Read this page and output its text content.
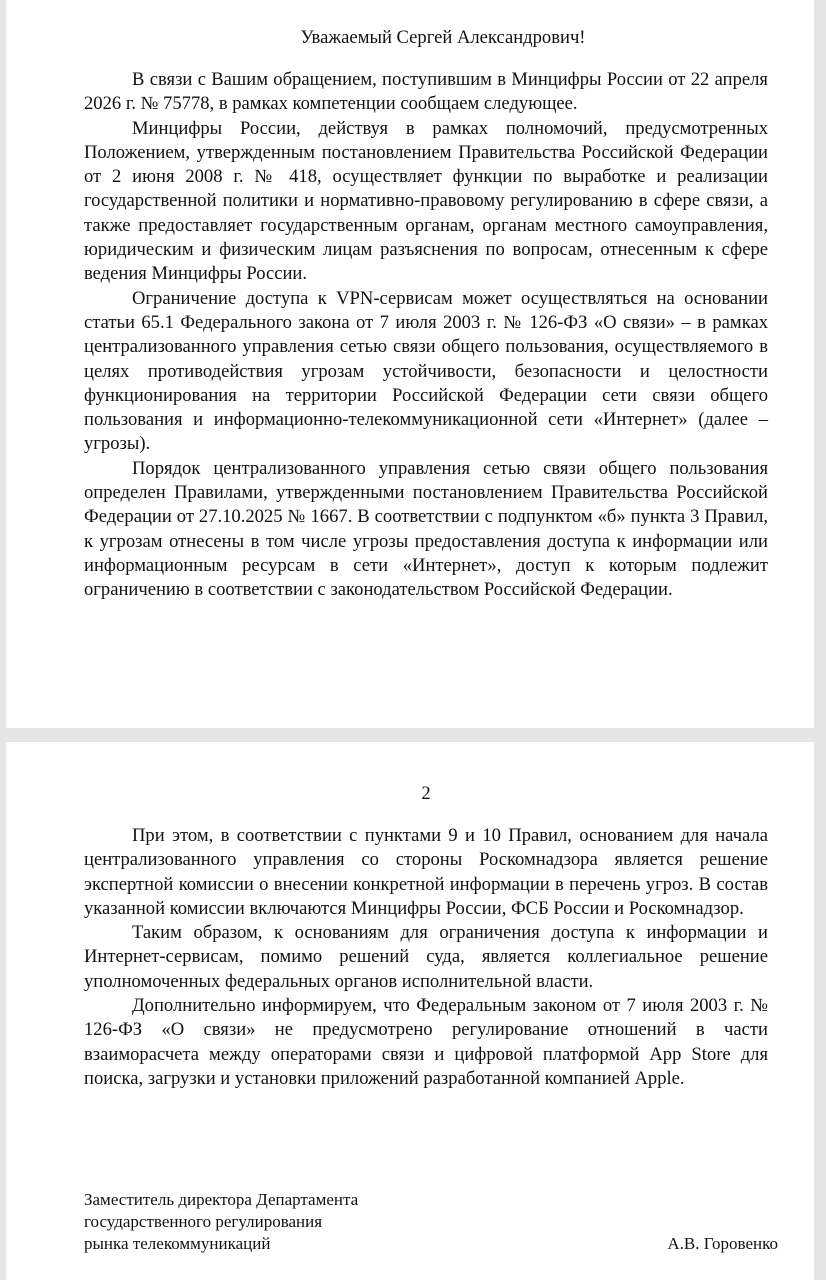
Уважаемый Сергей Александрович!

В связи с Вашим обращением, поступившим в Минцифры России от 22 апреля 2026 г. № 75778, в рамках компетенции сообщаем следующее.

Минцифры России, действуя в рамках полномочий, предусмотренных Положением, утвержденным постановлением Правительства Российской Федерации от 2 июня 2008 г. № 418, осуществляет функции по выработке и реализации государственной политики и нормативно-правовому регулированию в сфере связи, а также предоставляет государственным органам, органам местного самоуправления, юридическим и физическим лицам разъяснения по вопросам, отнесенным к сфере ведения Минцифры России.

Ограничение доступа к VPN-сервисам может осуществляться на основании статьи 65.1 Федерального закона от 7 июля 2003 г. № 126-ФЗ «О связи» – в рамках централизованного управления сетью связи общего пользования, осуществляемого в целях противодействия угрозам устойчивости, безопасности и целостности функционирования на территории Российской Федерации сети связи общего пользования и информационно-телекоммуникационной сети «Интернет» (далее – угрозы).

Порядок централизованного управления сетью связи общего пользования определен Правилами, утвержденными постановлением Правительства Российской Федерации от 27.10.2025 № 1667. В соответствии с подпунктом «б» пункта 3 Правил, к угрозам отнесены в том числе угрозы предоставления доступа к информации или информационным ресурсам в сети «Интернет», доступ к которым подлежит ограничению в соответствии с законодательством Российской Федерации.

2

При этом, в соответствии с пунктами 9 и 10 Правил, основанием для начала централизованного управления со стороны Роскомнадзора является решение экспертной комиссии о внесении конкретной информации в перечень угроз. В состав указанной комиссии включаются Минцифры России, ФСБ России и Роскомнадзор.

Таким образом, к основаниям для ограничения доступа к информации и Интернет-сервисам, помимо решений суда, является коллегиальное решение уполномоченных федеральных органов исполнительной власти.

Дополнительно информируем, что Федеральным законом от 7 июля 2003 г. № 126-ФЗ «О связи» не предусмотрено регулирование отношений в части взаиморасчета между операторами связи и цифровой платформой App Store для поиска, загрузки и установки приложений разработанной компанией Apple.

Заместитель директора Департамента
государственного регулирования
рынка телекоммуникаций	А.В. Горовенко
